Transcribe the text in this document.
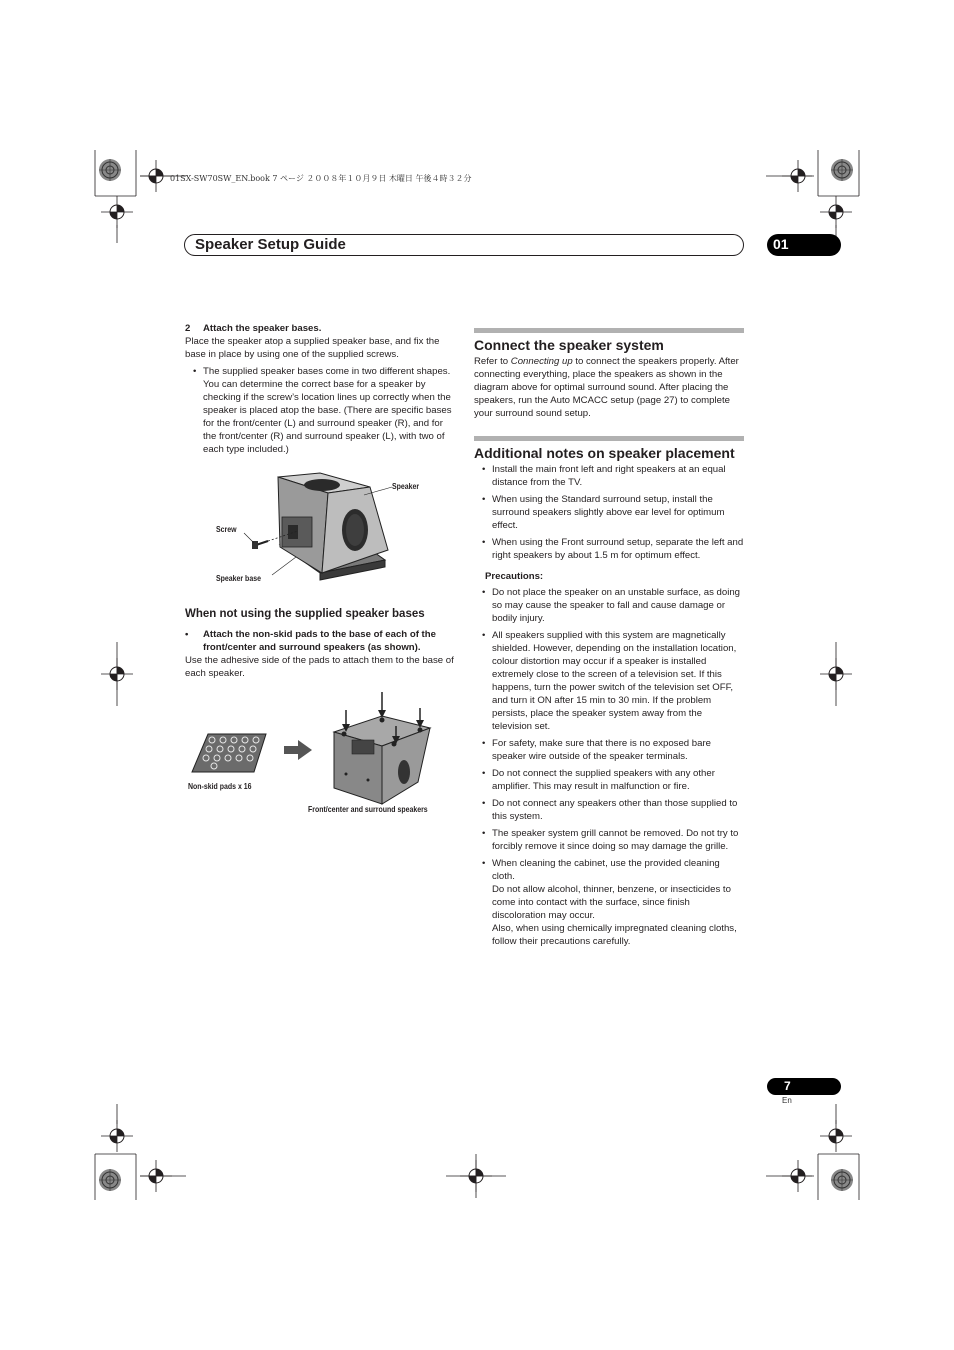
01SX-SW70SW_EN.book 7 ページ ２００８年１０月９日 木曜日 午後４時３２分
Speaker Setup Guide	01

2 Attach the speaker bases.

Place the speaker atop a supplied speaker base, and fix the base in place by using one of the supplied screws.

• The supplied speaker bases come in two different shapes. You can determine the correct base for a speaker by checking if the screw’s location lines up correctly when the speaker is placed atop the base. (There are specific bases for the front/center (L) and surround speaker (R), and for the front/center (R) and surround speaker (L), with two of each type included.)
Speaker
Screw
Speaker base

When not using the supplied speaker bases

• Attach the non-skid pads to the base of each of the front/center and surround speakers (as shown).

Use the adhesive side of the pads to attach them to the base of each speaker.

Non-skid pads x 16
Front/center and surround speakers
Connect the speaker system

Refer to Connecting up to connect the speakers properly. After connecting everything, place the speakers as shown in the diagram above for optimal surround sound. After placing the speakers, run the Auto MCACC setup (page 27) to complete your surround sound setup.

Additional notes on speaker placement
• Install the main front left and right speakers at an equal distance from the TV.
• When using the Standard surround setup, install the surround speakers slightly above ear level for optimum effect.
• When using the Front surround setup, separate the left and right speakers by about 1.5 m for optimum effect.

Precautions:

• Do not place the speaker on an unstable surface, as doing so may cause the speaker to fall and cause damage or bodily injury.
• All speakers supplied with this system are magnetically shielded. However, depending on the installation location, colour distortion may occur if a speaker is installed extremely close to the screen of a television set. If this happens, turn the power switch of the television set OFF, and turn it ON after 15 min to 30 min. If the problem persists, place the speaker system away from the television set.
• For safety, make sure that there is no exposed bare speaker wire outside of the speaker terminals.
• Do not connect the supplied speakers with any other amplifier. This may result in malfunction or fire.
• Do not connect any speakers other than those supplied to this system.
• The speaker system grill cannot be removed. Do not try to forcibly remove it since doing so may damage the grille.
• When cleaning the cabinet, use the provided cleaning cloth.
Do not allow alcohol, thinner, benzene, or insecticides to come into contact with the surface, since finish discoloration may occur.
Also, when using chemically impregnated cleaning cloths, follow their precautions carefully.
7
En
